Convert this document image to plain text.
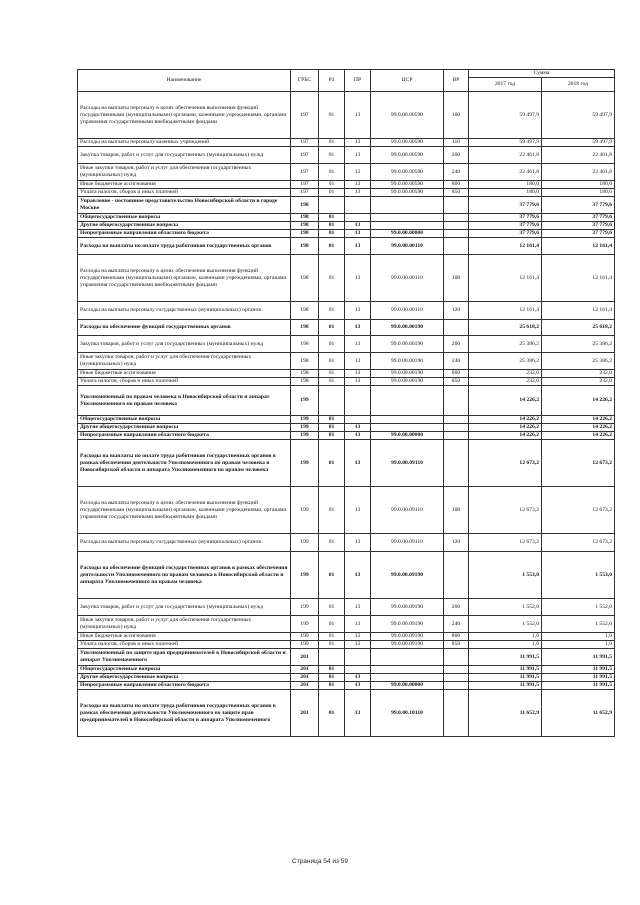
Наименование	ГРБС	РЗ	ПР	ЦСР	ВР	Сумма	
						2017 год	2018 год
Расходы на выплаты персоналу в целях обеспечения выполнения функций государственными (муниципальными) органами, казенными учреждениями, органами управления государственными внебюджетными фондами	197	01	13	99.0.00.00590	100	59 497,9	59 497,9
Расходы на выплаты персоналу казенных учреждений	197	01	13	99.0.00.00590	110	59 497,9	59 497,9
Закупка товаров, работ и услуг для государственных (муниципальных) нужд	197	01	13	99.0.00.00590	200	22 461,8	22 461,8
Иные закупки товаров, работ и услуг для обеспечения государственных (муниципальных) нужд	197	01	13	99.0.00.00590	240	22 461,8	22 461,8
Иные бюджетные ассигнования	197	01	13	99.0.00.00590	800	180,0	180,0
Уплата налогов, сборов и иных платежей	197	01	13	99.0.00.00590	850	180,0	180,0
Управление - постоянное представительство Новосибирской области в городе Москве	198					37 779,6	37 779,6
Общегосударственные вопросы	198	01				37 779,6	37 779,6
Другие общегосударственные вопросы	198	01	13			37 779,6	37 779,6
Непрограммные направления областного бюджета	198	01	13	99.0.00.00000		37 779,6	37 779,6
Расходы на выплаты по оплате труда работников государственных органов	198	01	13	99.0.00.00110		12 161,4	12 161,4
Расходы на выплаты персоналу в целях обеспечения выполнения функций государственными (муниципальными) органами, казенными учреждениями, органами управления государственными внебюджетными фондами	198	01	13	99.0.00.00110	100	12 161,4	12 161,4
Расходы на выплаты персоналу государственных (муниципальных) органов	198	01	13	99.0.00.00110	120	12 161,4	12 161,4
Расходы на обеспечение функций государственных органов	198	01	13	99.0.00.00190		25 618,2	25 618,2
Закупка товаров, работ и услуг для государственных (муниципальных) нужд	198	01	13	99.0.00.00190	200	25 386,2	25 386,2
Иные закупки товаров, работ и услуг для обеспечения государственных (муниципальных) нужд	198	01	13	99.0.00.00190	240	25 386,2	25 386,2
Иные бюджетные ассигнования	198	01	13	99.0.00.00190	800	232,0	232,0
Уплата налогов, сборов и иных платежей	198	01	13	99.0.00.00190	850	232,0	232,0
Уполномоченный по правам человека в Новосибирской области и аппарат Уполномоченного по правам человека	199					14 226,2	14 226,2
Общегосударственные вопросы	199	01				14 226,2	14 226,2
Другие общегосударственные вопросы	199	01	13			14 226,2	14 226,2
Непрограммные направления областного бюджета	199	01	13	99.0.00.00000		14 226,2	14 226,2
Расходы на выплаты по оплате труда работников государственных органов в рамках обеспечения деятельности Уполномоченного по правам человека в Новосибирской области и аппарата Уполномоченного по правам человека	199	01	13	99.0.00.09110		12 673,2	12 673,2
Расходы на выплаты персоналу в целях обеспечения выполнения функций государственными (муниципальными) органами, казенными учреждениями, органами управления государственными внебюджетными фондами	199	01	13	99.0.00.09110	100	12 673,2	12 673,2
Расходы на выплаты персоналу государственных (муниципальных) органов	199	01	13	99.0.00.09110	120	12 673,2	12 673,2
Расходы на обеспечение функций государственных органов в рамках обеспечения деятельности Уполномоченного по правам человека в Новосибирской области и аппарата Уполномоченного по правам человека	199	01	13	99.0.00.09190		1 553,0	1 553,0
Закупка товаров, работ и услуг для государственных (муниципальных) нужд	199	01	13	99.0.00.09190	200	1 552,0	1 552,0
Иные закупки товаров, работ и услуг для обеспечения государственных (муниципальных) нужд	199	01	13	99.0.00.09190	240	1 552,0	1 552,0
Иные бюджетные ассигнования	199	01	13	99.0.00.09190	800	1,0	1,0
Уплата налогов, сборов и иных платежей	199	01	13	99.0.00.09190	850	1,0	1,0
Уполномоченный по защите прав предпринимателей в Новосибирской области и аппарат Уполномоченного	201					11 991,5	11 991,5
Общегосударственные вопросы	201	01				11 991,5	11 991,5
Другие общегосударственные вопросы	201	01	13			11 991,5	11 991,5
Непрограммные направления областного бюджета	201	01	13	99.0.00.00000		11 991,5	11 991,5
Расходы на выплаты по оплате труда работников государственных органов в рамках обеспечения деятельности Уполномоченного по защите прав предпринимателей в Новосибирской области и аппарата Уполномоченного	201	01	13	99.0.00.10110		11 652,9	11 652,9
Страница 54 из 59
